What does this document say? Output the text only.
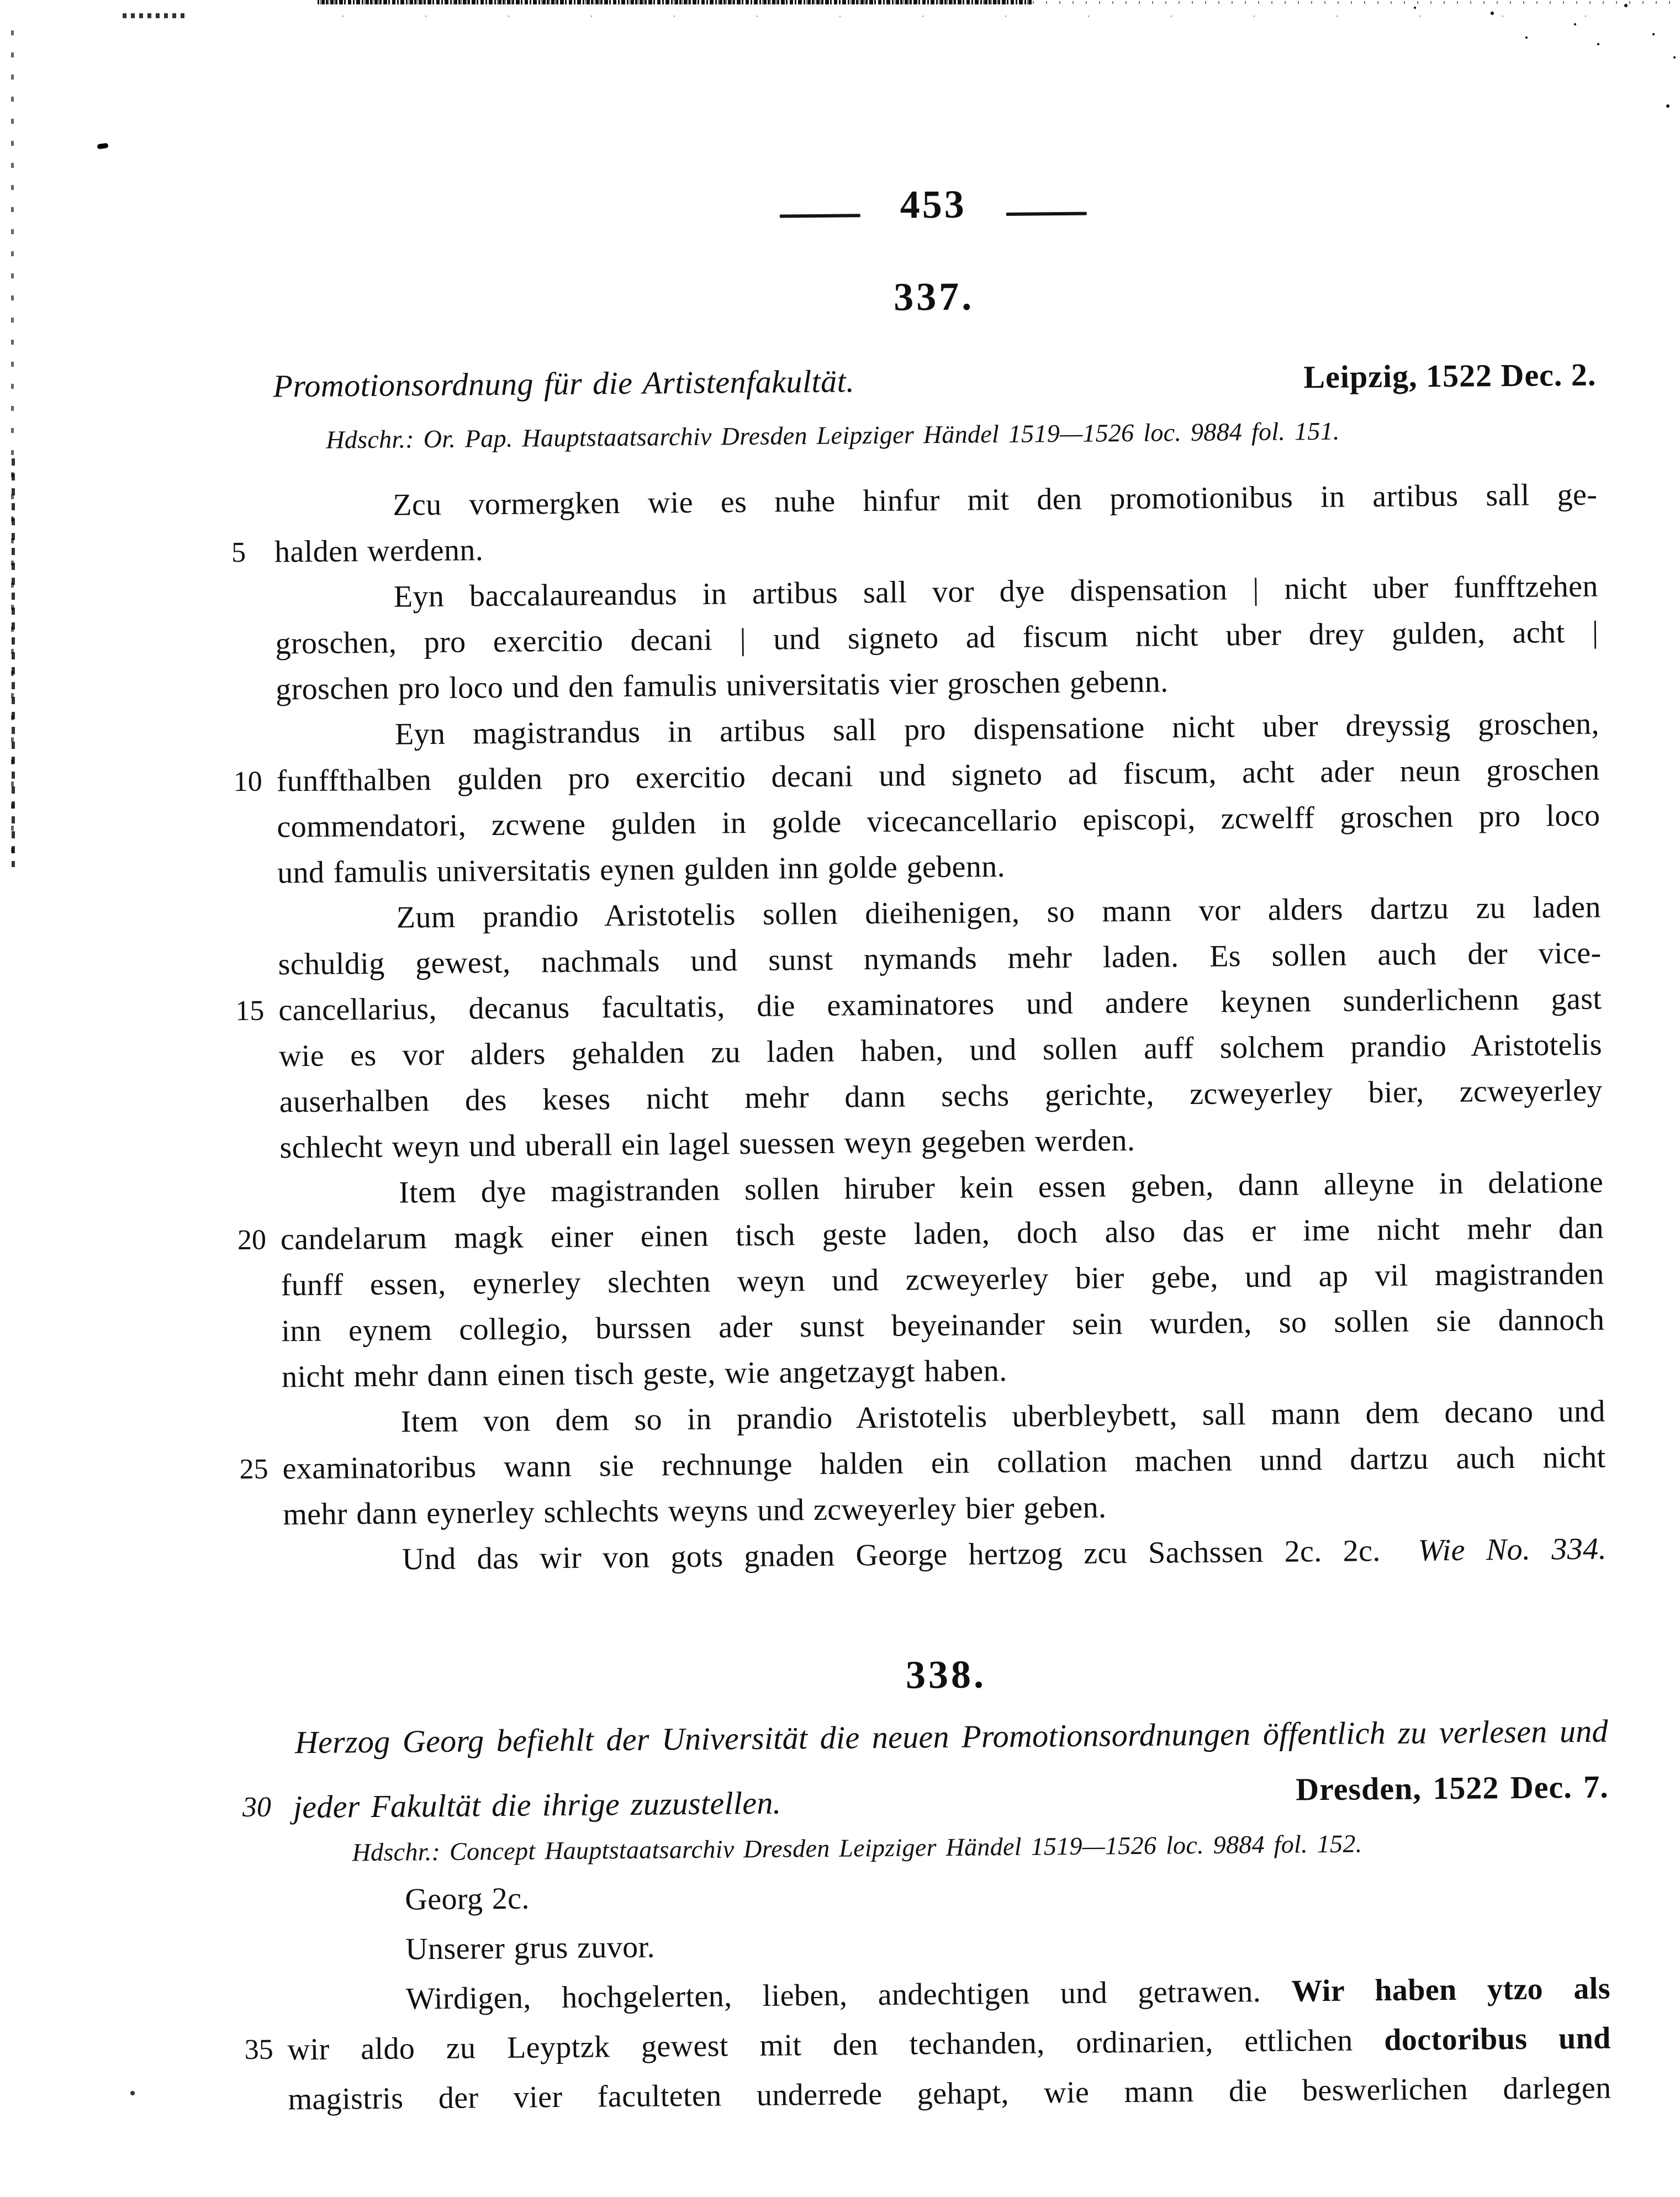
453
337.
Promotionsordnung für die Artistenfakultät.	Leipzig, 1522 Dec. 2.
Hdschr.: Or. Pap. Hauptstaatsarchiv Dresden Leipziger Händel 1519—1526 loc. 9884 fol. 151.
Zcu vormergken wie es nuhe hinfur mit den promotionibus in artibus sall ge-
5 halden werdenn.
Eyn baccalaureandus in artibus sall vor dye dispensation | nicht uber funfftzehen
groschen, pro exercitio decani | und signeto ad fiscum nicht uber drey gulden, acht |
groschen pro loco und den famulis universitatis vier groschen gebenn.
Eyn magistrandus in artibus sall pro dispensatione nicht uber dreyssig groschen,
10 funffthalben gulden pro exercitio decani und signeto ad fiscum, acht ader neun groschen
commendatori, zcwene gulden in golde vicecancellario episcopi, zcwelff groschen pro loco
und famulis universitatis eynen gulden inn golde gebenn.
Zum prandio Aristotelis sollen dieihenigen, so mann vor alders dartzu zu laden
schuldig gewest, nachmals und sunst nymands mehr laden. Es sollen auch der vice-
15 cancellarius, decanus facultatis, die examinatores und andere keynen sunderlichenn gast
wie es vor alders gehalden zu laden haben, und sollen auff solchem prandio Aristotelis
auserhalben des keses nicht mehr dann sechs gerichte, zcweyerley bier, zcweyerley
schlecht weyn und uberall ein lagel suessen weyn gegeben werden.
Item dye magistranden sollen hiruber kein essen geben, dann alleyne in delatione
20 candelarum magk einer einen tisch geste laden, doch also das er ime nicht mehr dan
funff essen, eynerley slechten weyn und zcweyerley bier gebe, und ap vil magistranden
inn eynem collegio, burssen ader sunst beyeinander sein wurden, so sollen sie dannoch
nicht mehr dann einen tisch geste, wie angetzaygt haben.
Item von dem so in prandio Aristotelis uberbleybett, sall mann dem decano und
25 examinatoribus wann sie rechnunge halden ein collation machen unnd dartzu auch nicht
mehr dann eynerley schlechts weyns und zcweyerley bier geben.
Und das wir von gots gnaden George hertzog zcu Sachssen 2c. 2c. Wie No. 334.
338.
Herzog Georg befiehlt der Universität die neuen Promotionsordnungen öffentlich zu verlesen und
30 jeder Fakultät die ihrige zuzustellen.	Dresden, 1522 Dec. 7.
Hdschr.: Concept Hauptstaatsarchiv Dresden Leipziger Händel 1519—1526 loc. 9884 fol. 152.
Georg 2c.
Unserer grus zuvor.
Wirdigen, hochgelerten, lieben, andechtigen und getrawen. Wir haben ytzo als
35 wir aldo zu Leyptzk gewest mit den techanden, ordinarien, ettlichen doctoribus und
magistris der vier faculteten underrede gehapt, wie mann die beswerlichen darlegen
